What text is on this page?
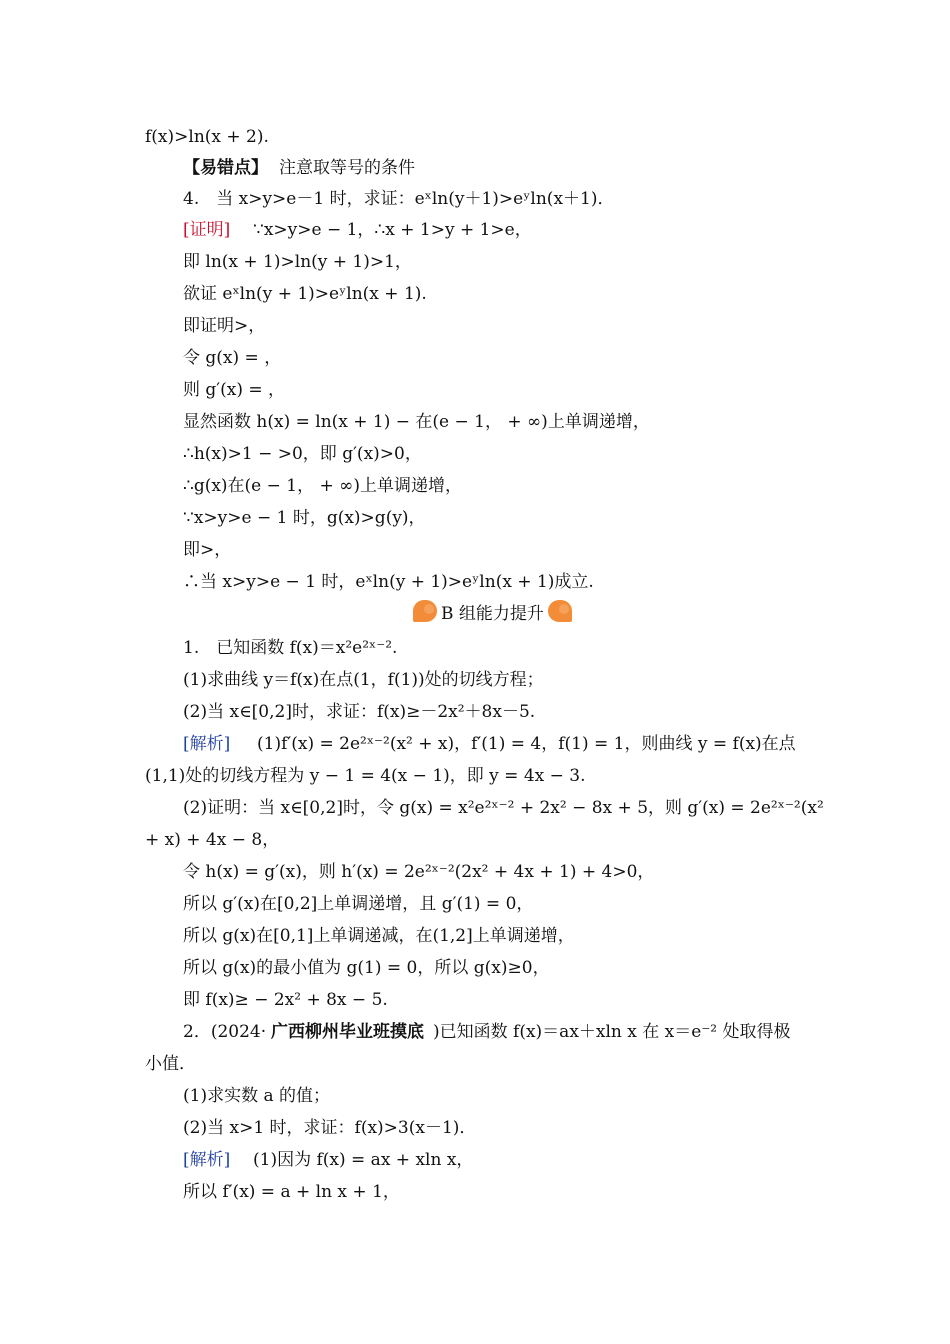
f(x)>ln(x + 2).
【易错点】 注意取等号的条件
4.　当 x>y>e－1 时，求证：eˣln(y＋1)>eʸln(x＋1)．
[证明] ∵x>y>e − 1，∴x + 1>y + 1>e，
即 ln(x + 1)>ln(y + 1)>1，
欲证 eˣln(y + 1)>eʸln(x + 1).
即证明>，
令 g(x) = ，
则 g′(x) = ，
显然函数 h(x) = ln(x + 1) − 在(e − 1， + ∞)上单调递增，
∴h(x)>1 − >0，即 g′(x)>0，
∴g(x)在(e − 1， + ∞)上单调递增，
∵x>y>e − 1 时，g(x)>g(y)，
即>，
∴当 x>y>e − 1 时，eˣln(y + 1)>eʸln(x + 1)成立.
1.　已知函数 f(x)＝x²e²ˣ⁻².
(1)求曲线 y＝f(x)在点(1，f(1))处的切线方程；
(2)当 x∈[0,2]时，求证：f(x)≥－2x²＋8x－5.
[解析] (1)f′(x) = 2e²ˣ⁻²(x² + x)，f′(1) = 4，f(1) = 1，则曲线 y = f(x)在点
(1,1)处的切线方程为 y − 1 = 4(x − 1)，即 y = 4x − 3.
(2)证明：当 x∈[0,2]时，令 g(x) = x²e²ˣ⁻² + 2x² − 8x + 5，则 g′(x) = 2e²ˣ⁻²(x²
+ x) + 4x − 8，
令 h(x) = g′(x)，则 h′(x) = 2e²ˣ⁻²(2x² + 4x + 1) + 4>0，
所以 g′(x)在[0,2]上单调递增，且 g′(1) = 0，
所以 g(x)在[0,1]上单调递减，在(1,2]上单调递增，
所以 g(x)的最小值为 g(1) = 0，所以 g(x)≥0，
即 f(x)≥ − 2x² + 8x − 5.
2．(2024· 广西柳州毕业班摸底 )已知函数 f(x)＝ax＋xln x 在 x＝e⁻² 处取得极
小值．
(1)求实数 a 的值；
(2)当 x>1 时，求证：f(x)>3(x－1)．
[解析] (1)因为 f(x) = ax + xln x，
所以 f′(x) = a + ln x + 1，
B 组能力提升
